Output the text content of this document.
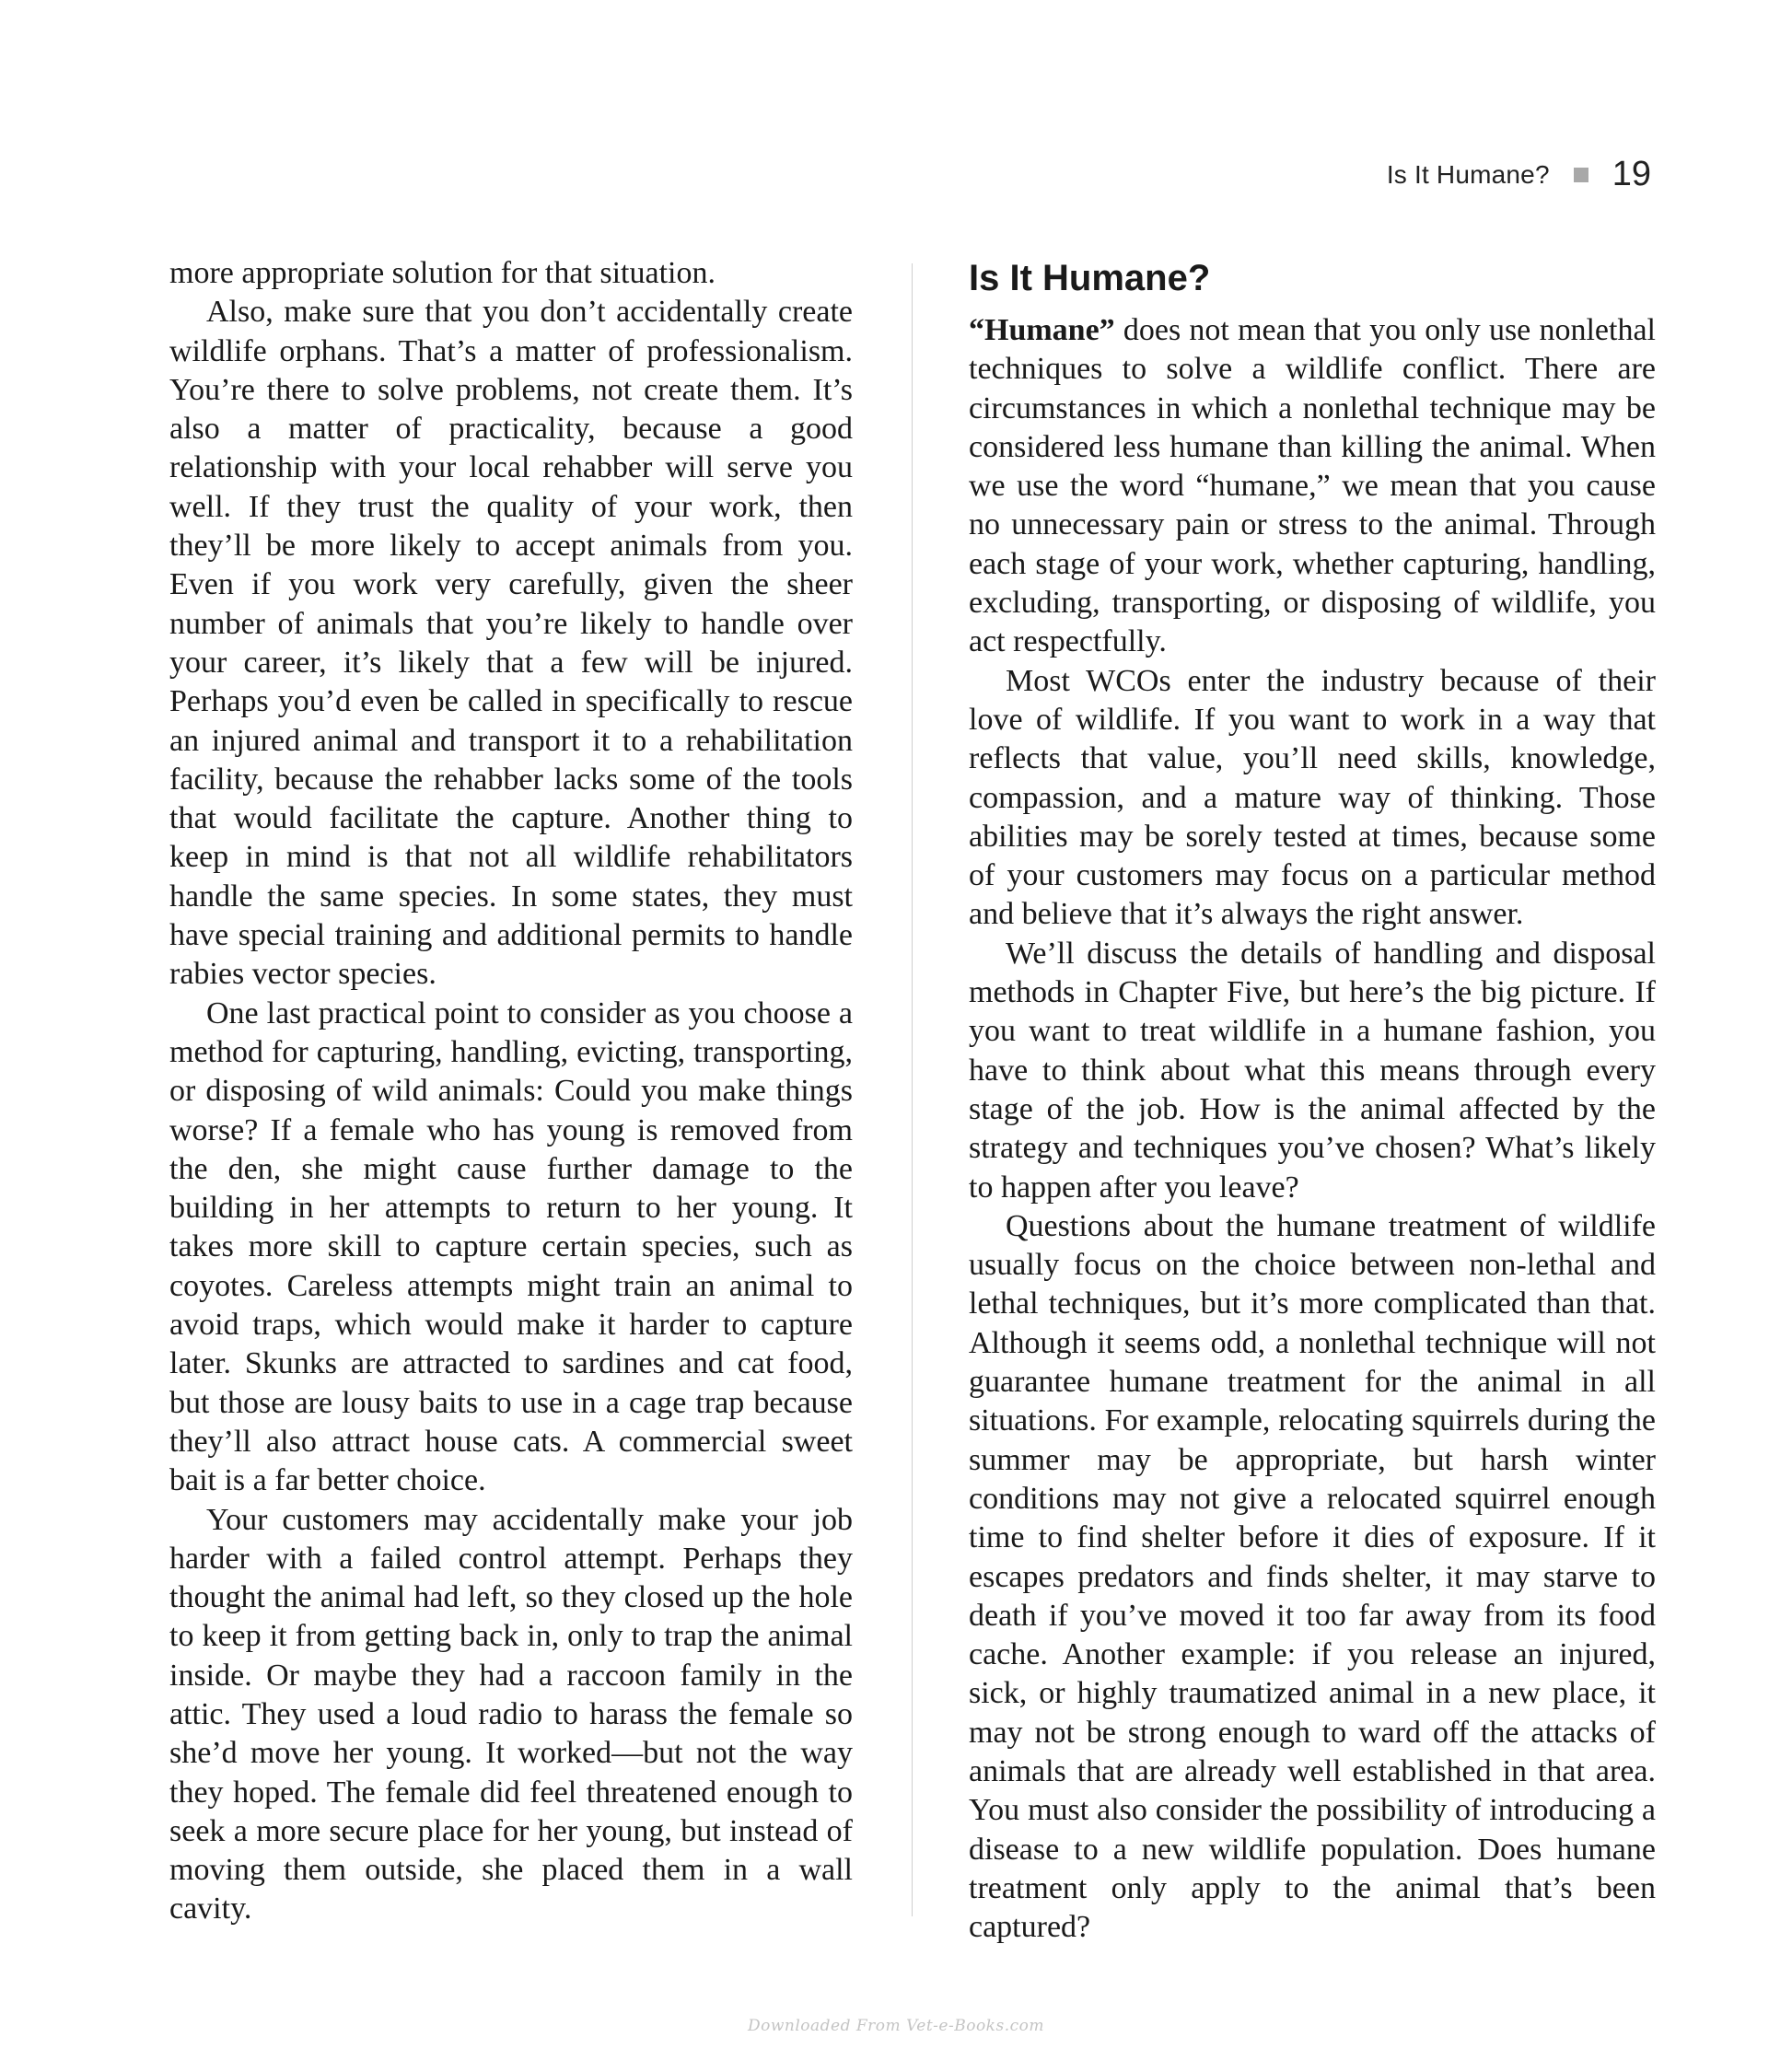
Is It Humane? 19

more appropriate solution for that situation.

Also, make sure that you don’t accidentally create wildlife orphans. That’s a matter of professionalism. You’re there to solve problems, not create them. It’s also a matter of practicality, because a good relationship with your local rehabber will serve you well. If they trust the quality of your work, then they’ll be more likely to accept animals from you. Even if you work very carefully, given the sheer number of animals that you’re likely to handle over your career, it’s likely that a few will be injured. Perhaps you’d even be called in specifically to rescue an injured animal and transport it to a rehabilitation facility, because the rehabber lacks some of the tools that would facilitate the capture. Another thing to keep in mind is that not all wildlife rehabilitators handle the same species. In some states, they must have special training and additional permits to handle rabies vector species.

One last practical point to consider as you choose a method for capturing, handling, evicting, transporting, or disposing of wild animals: Could you make things worse? If a female who has young is removed from the den, she might cause further damage to the building in her attempts to return to her young. It takes more skill to capture certain species, such as coyotes. Careless attempts might train an animal to avoid traps, which would make it harder to capture later. Skunks are attracted to sardines and cat food, but those are lousy baits to use in a cage trap because they’ll also attract house cats. A commercial sweet bait is a far better choice.

Your customers may accidentally make your job harder with a failed control attempt. Perhaps they thought the animal had left, so they closed up the hole to keep it from getting back in, only to trap the animal inside. Or maybe they had a raccoon family in the attic. They used a loud radio to harass the female so she’d move her young. It worked—but not the way they hoped. The female did feel threatened enough to seek a more secure place for her young, but instead of moving them outside, she placed them in a wall cavity.

Is It Humane?

“Humane” does not mean that you only use nonlethal techniques to solve a wildlife conflict. There are circumstances in which a nonlethal technique may be considered less humane than killing the animal. When we use the word “humane,” we mean that you cause no unnecessary pain or stress to the animal. Through each stage of your work, whether capturing, handling, excluding, transporting, or disposing of wildlife, you act respectfully.

Most WCOs enter the industry because of their love of wildlife. If you want to work in a way that reflects that value, you’ll need skills, knowledge, compassion, and a mature way of thinking. Those abilities may be sorely tested at times, because some of your customers may focus on a particular method and believe that it’s always the right answer.

We’ll discuss the details of handling and disposal methods in Chapter Five, but here’s the big picture. If you want to treat wildlife in a humane fashion, you have to think about what this means through every stage of the job. How is the animal affected by the strategy and techniques you’ve chosen? What’s likely to happen after you leave?

Questions about the humane treatment of wildlife usually focus on the choice between non-lethal and lethal techniques, but it’s more complicated than that. Although it seems odd, a nonlethal technique will not guarantee humane treatment for the animal in all situations. For example, relocating squirrels during the summer may be appropriate, but harsh winter conditions may not give a relocated squirrel enough time to find shelter before it dies of exposure. If it escapes predators and finds shelter, it may starve to death if you’ve moved it too far away from its food cache. Another example: if you release an injured, sick, or highly traumatized animal in a new place, it may not be strong enough to ward off the attacks of animals that are already well established in that area. You must also consider the possibility of introducing a disease to a new wildlife population. Does humane treatment only apply to the animal that’s been captured?

Downloaded From Vet-e-Books.com
